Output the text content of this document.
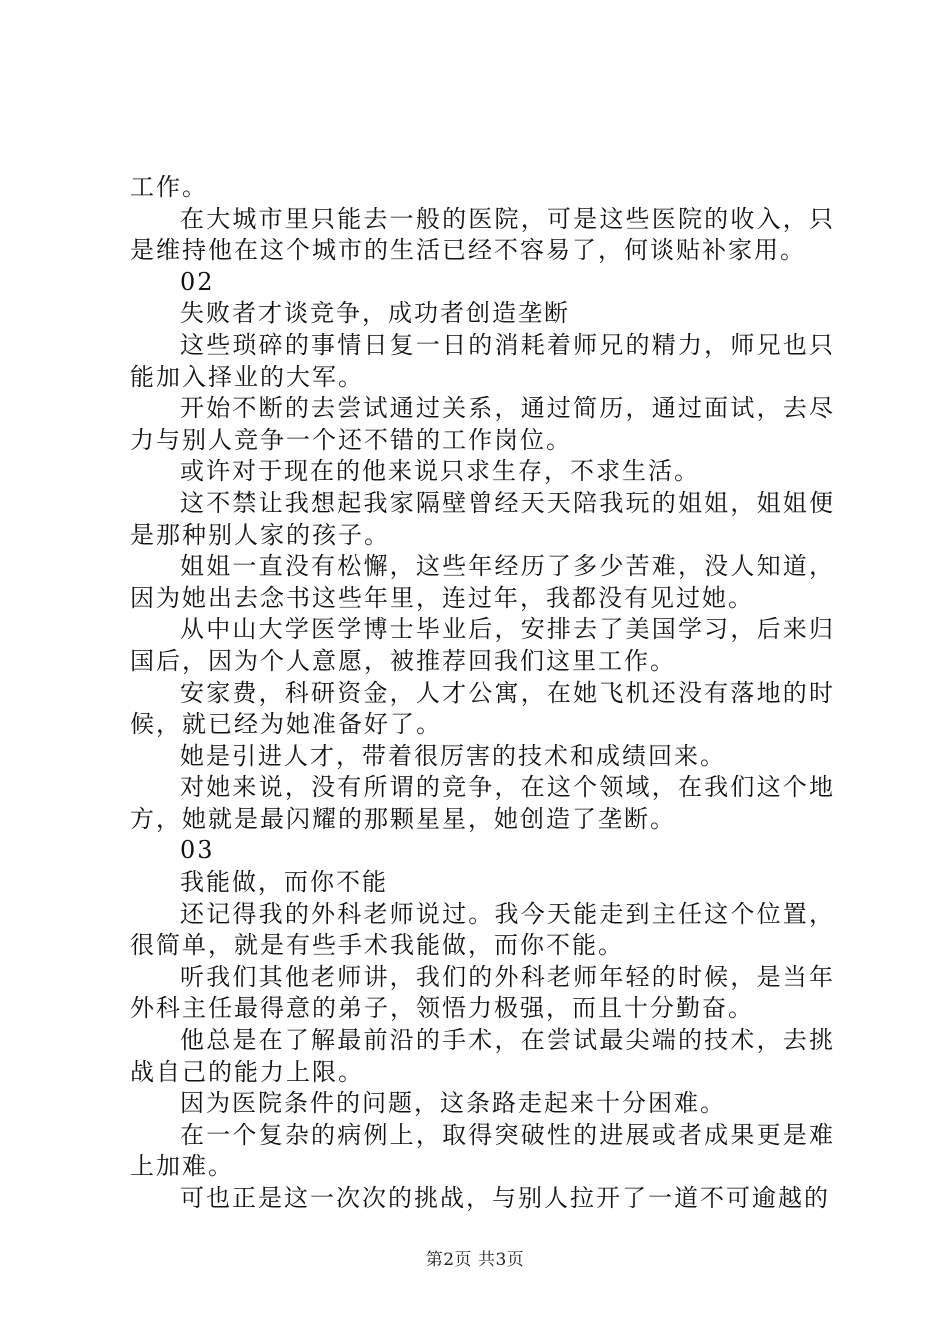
工作。

在大城市里只能去一般的医院，可是这些医院的收入，只是维持他在这个城市的生活已经不容易了，何谈贴补家用。

02

失败者才谈竞争，成功者创造垄断

这些琐碎的事情日复一日的消耗着师兄的精力，师兄也只能加入择业的大军。

开始不断的去尝试通过关系，通过简历，通过面试，去尽力与别人竞争一个还不错的工作岗位。

或许对于现在的他来说只求生存，不求生活。

这不禁让我想起我家隔壁曾经天天陪我玩的姐姐，姐姐便是那种别人家的孩子。

姐姐一直没有松懈，这些年经历了多少苦难，没人知道，因为她出去念书这些年里，连过年，我都没有见过她。

从中山大学医学博士毕业后，安排去了美国学习，后来归国后，因为个人意愿，被推荐回我们这里工作。

安家费，科研资金，人才公寓，在她飞机还没有落地的时候，就已经为她准备好了。

她是引进人才，带着很厉害的技术和成绩回来。

对她来说，没有所谓的竞争，在这个领域，在我们这个地方，她就是最闪耀的那颗星星，她创造了垄断。

03

我能做，而你不能

还记得我的外科老师说过。我今天能走到主任这个位置，很简单，就是有些手术我能做，而你不能。

听我们其他老师讲，我们的外科老师年轻的时候，是当年外科主任最得意的弟子，领悟力极强，而且十分勤奋。

他总是在了解最前沿的手术，在尝试最尖端的技术，去挑战自己的能力上限。

因为医院条件的问题，这条路走起来十分困难。

在一个复杂的病例上，取得突破性的进展或者成果更是难上加难。

可也正是这一次次的挑战，与别人拉开了一道不可逾越的

第2页 共3页
